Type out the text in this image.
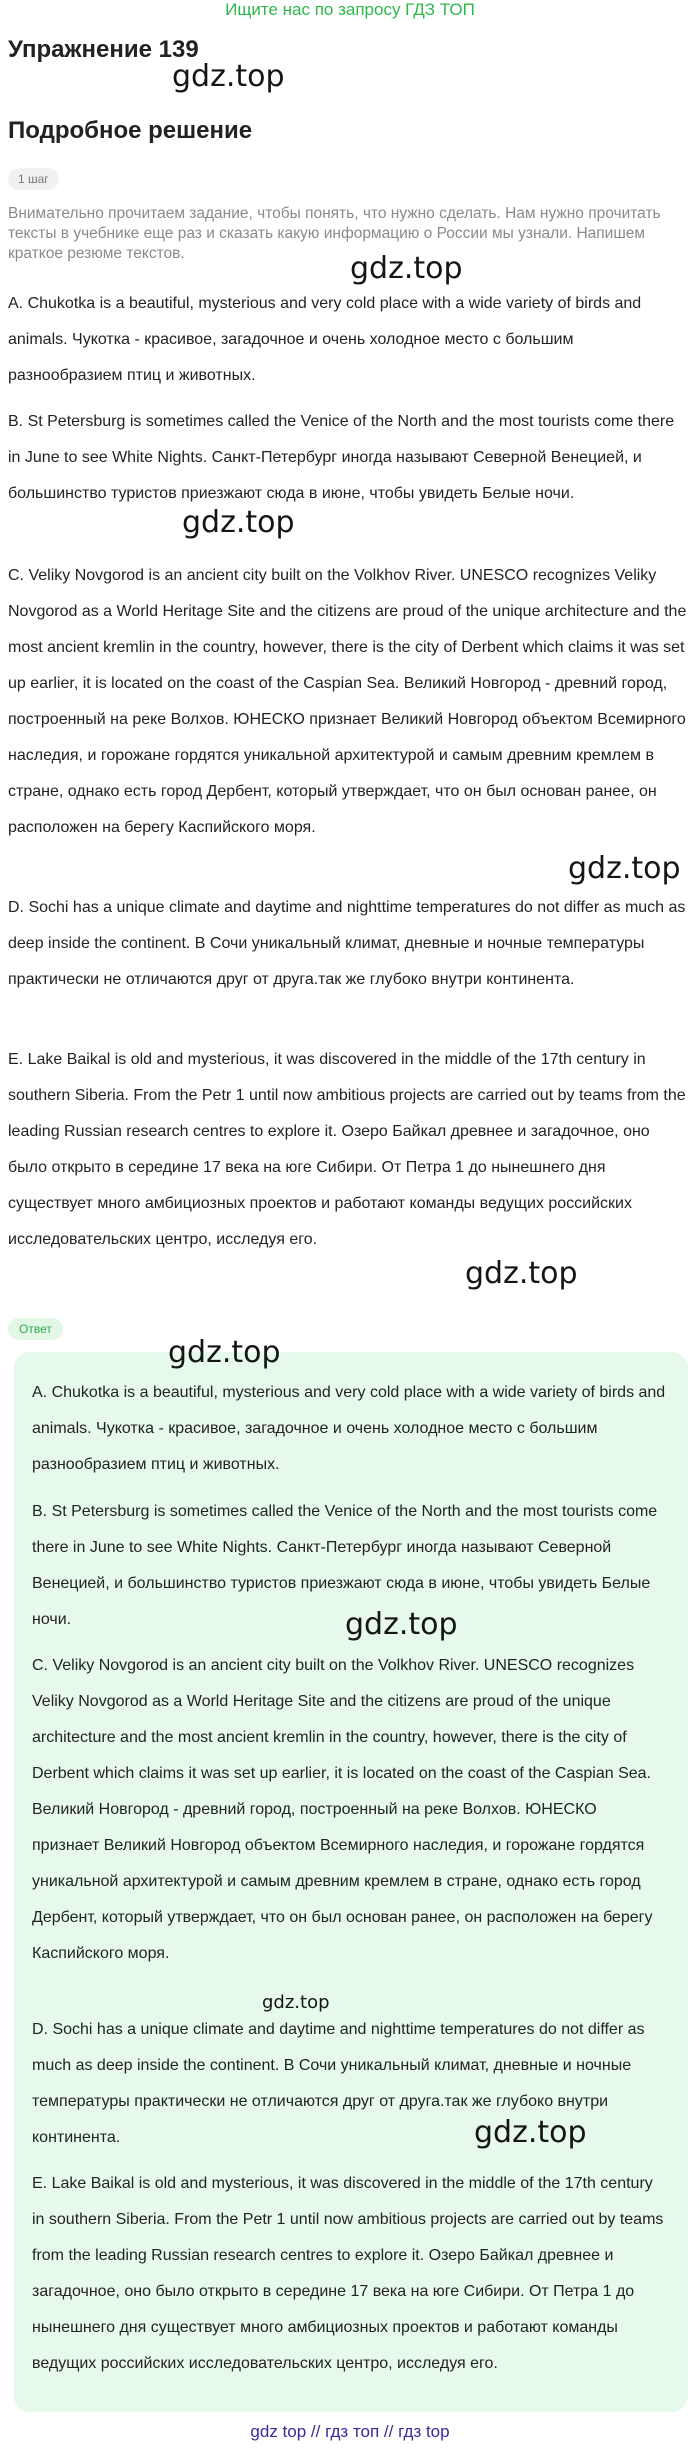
Ищите нас по запросу ГДЗ ТОП
Упражнение 139
gdz.top
Подробное решение
1 шаг

Внимательно прочитаем задание, чтобы понять, что нужно сделать. Нам нужно прочитать тексты в учебнике еще раз и сказать какую информацию о России мы узнали. Напишем краткое резюме текстов.	gdz.top

A. Chukotka is a beautiful, mysterious and very cold place with a wide variety of birds and animals. Чукотка - красивое, загадочное и очень холодное место с большим разнообразием птиц и животных.

B. St Petersburg is sometimes called the Venice of the North and the most tourists come there in June to see White Nights. Санкт-Петербург иногда называют Северной Венецией, и большинство туристов приезжают сюда в июне, чтобы увидеть Белые ночи.

gdz.top

C. Veliky Novgorod is an ancient city built on the Volkhov River. UNESCO recognizes Veliky Novgorod as a World Heritage Site and the citizens are proud of the unique architecture and the most ancient kremlin in the country, however, there is the city of Derbent which claims it was set up earlier, it is located on the coast of the Caspian Sea. Великий Новгород - древний город, построенный на реке Волхов. ЮНЕСКО признает Великий Новгород объектом Всемирного наследия, и горожане гордятся уникальной архитектурой и самым древним кремлем в стране, однако есть город Дербент, который утверждает, что он был основан ранее, он расположен на берегу Каспийского моря.

gdz.top

D. Sochi has a unique climate and daytime and nighttime temperatures do not differ as much as deep inside the continent. В Сочи уникальный климат, дневные и ночные температуры практически не отличаются друг от друга.так же глубоко внутри континента.

E. Lake Baikal is old and mysterious, it was discovered in the middle of the 17th century in southern Siberia. From the Petr 1 until now ambitious projects are carried out by teams from the leading Russian research centres to explore it. Озеро Байкал древнее и загадочное, оно было открыто в середине 17 века на юге Сибири. От Петра 1 до нынешнего дня существует много амбициозных проектов и работают команды ведущих российских исследовательских центро, исследуя его.

gdz.top
Ответ
gdz.top

A. Chukotka is a beautiful, mysterious and very cold place with a wide variety of birds and animals. Чукотка - красивое, загадочное и очень холодное место с большим разнообразием птиц и животных.

B. St Petersburg is sometimes called the Venice of the North and the most tourists come there in June to see White Nights. Санкт-Петербург иногда называют Северной Венецией, и большинство туристов приезжают сюда в июне, чтобы увидеть Белые ночи.	gdz.top

C. Veliky Novgorod is an ancient city built on the Volkhov River. UNESCO recognizes Veliky Novgorod as a World Heritage Site and the citizens are proud of the unique architecture and the most ancient kremlin in the country, however, there is the city of Derbent which claims it was set up earlier, it is located on the coast of the Caspian Sea. Великий Новгород - древний город, построенный на реке Волхов. ЮНЕСКО признает Великий Новгород объектом Всемирного наследия, и горожане гордятся уникальной архитектурой и самым древним кремлем в стране, однако есть город Дербент, который утверждает, что он был основан ранее, он расположен на берегу Каспийского моря.

gdz.top

D. Sochi has a unique climate and daytime and nighttime temperatures do not differ as much as deep inside the continent. В Сочи уникальный климат, дневные и ночные температуры практически не отличаются друг от друга.так же глубоко внутри континента.	gdz.top

E. Lake Baikal is old and mysterious, it was discovered in the middle of the 17th century in southern Siberia. From the Petr 1 until now ambitious projects are carried out by teams from the leading Russian research centres to explore it. Озеро Байкал древнее и загадочное, оно было открыто в середине 17 века на юге Сибири. От Петра 1 до нынешнего дня существует много амбициозных проектов и работают команды ведущих российских исследовательских центро, исследуя его.

gdz top // гдз топ // гдз top
